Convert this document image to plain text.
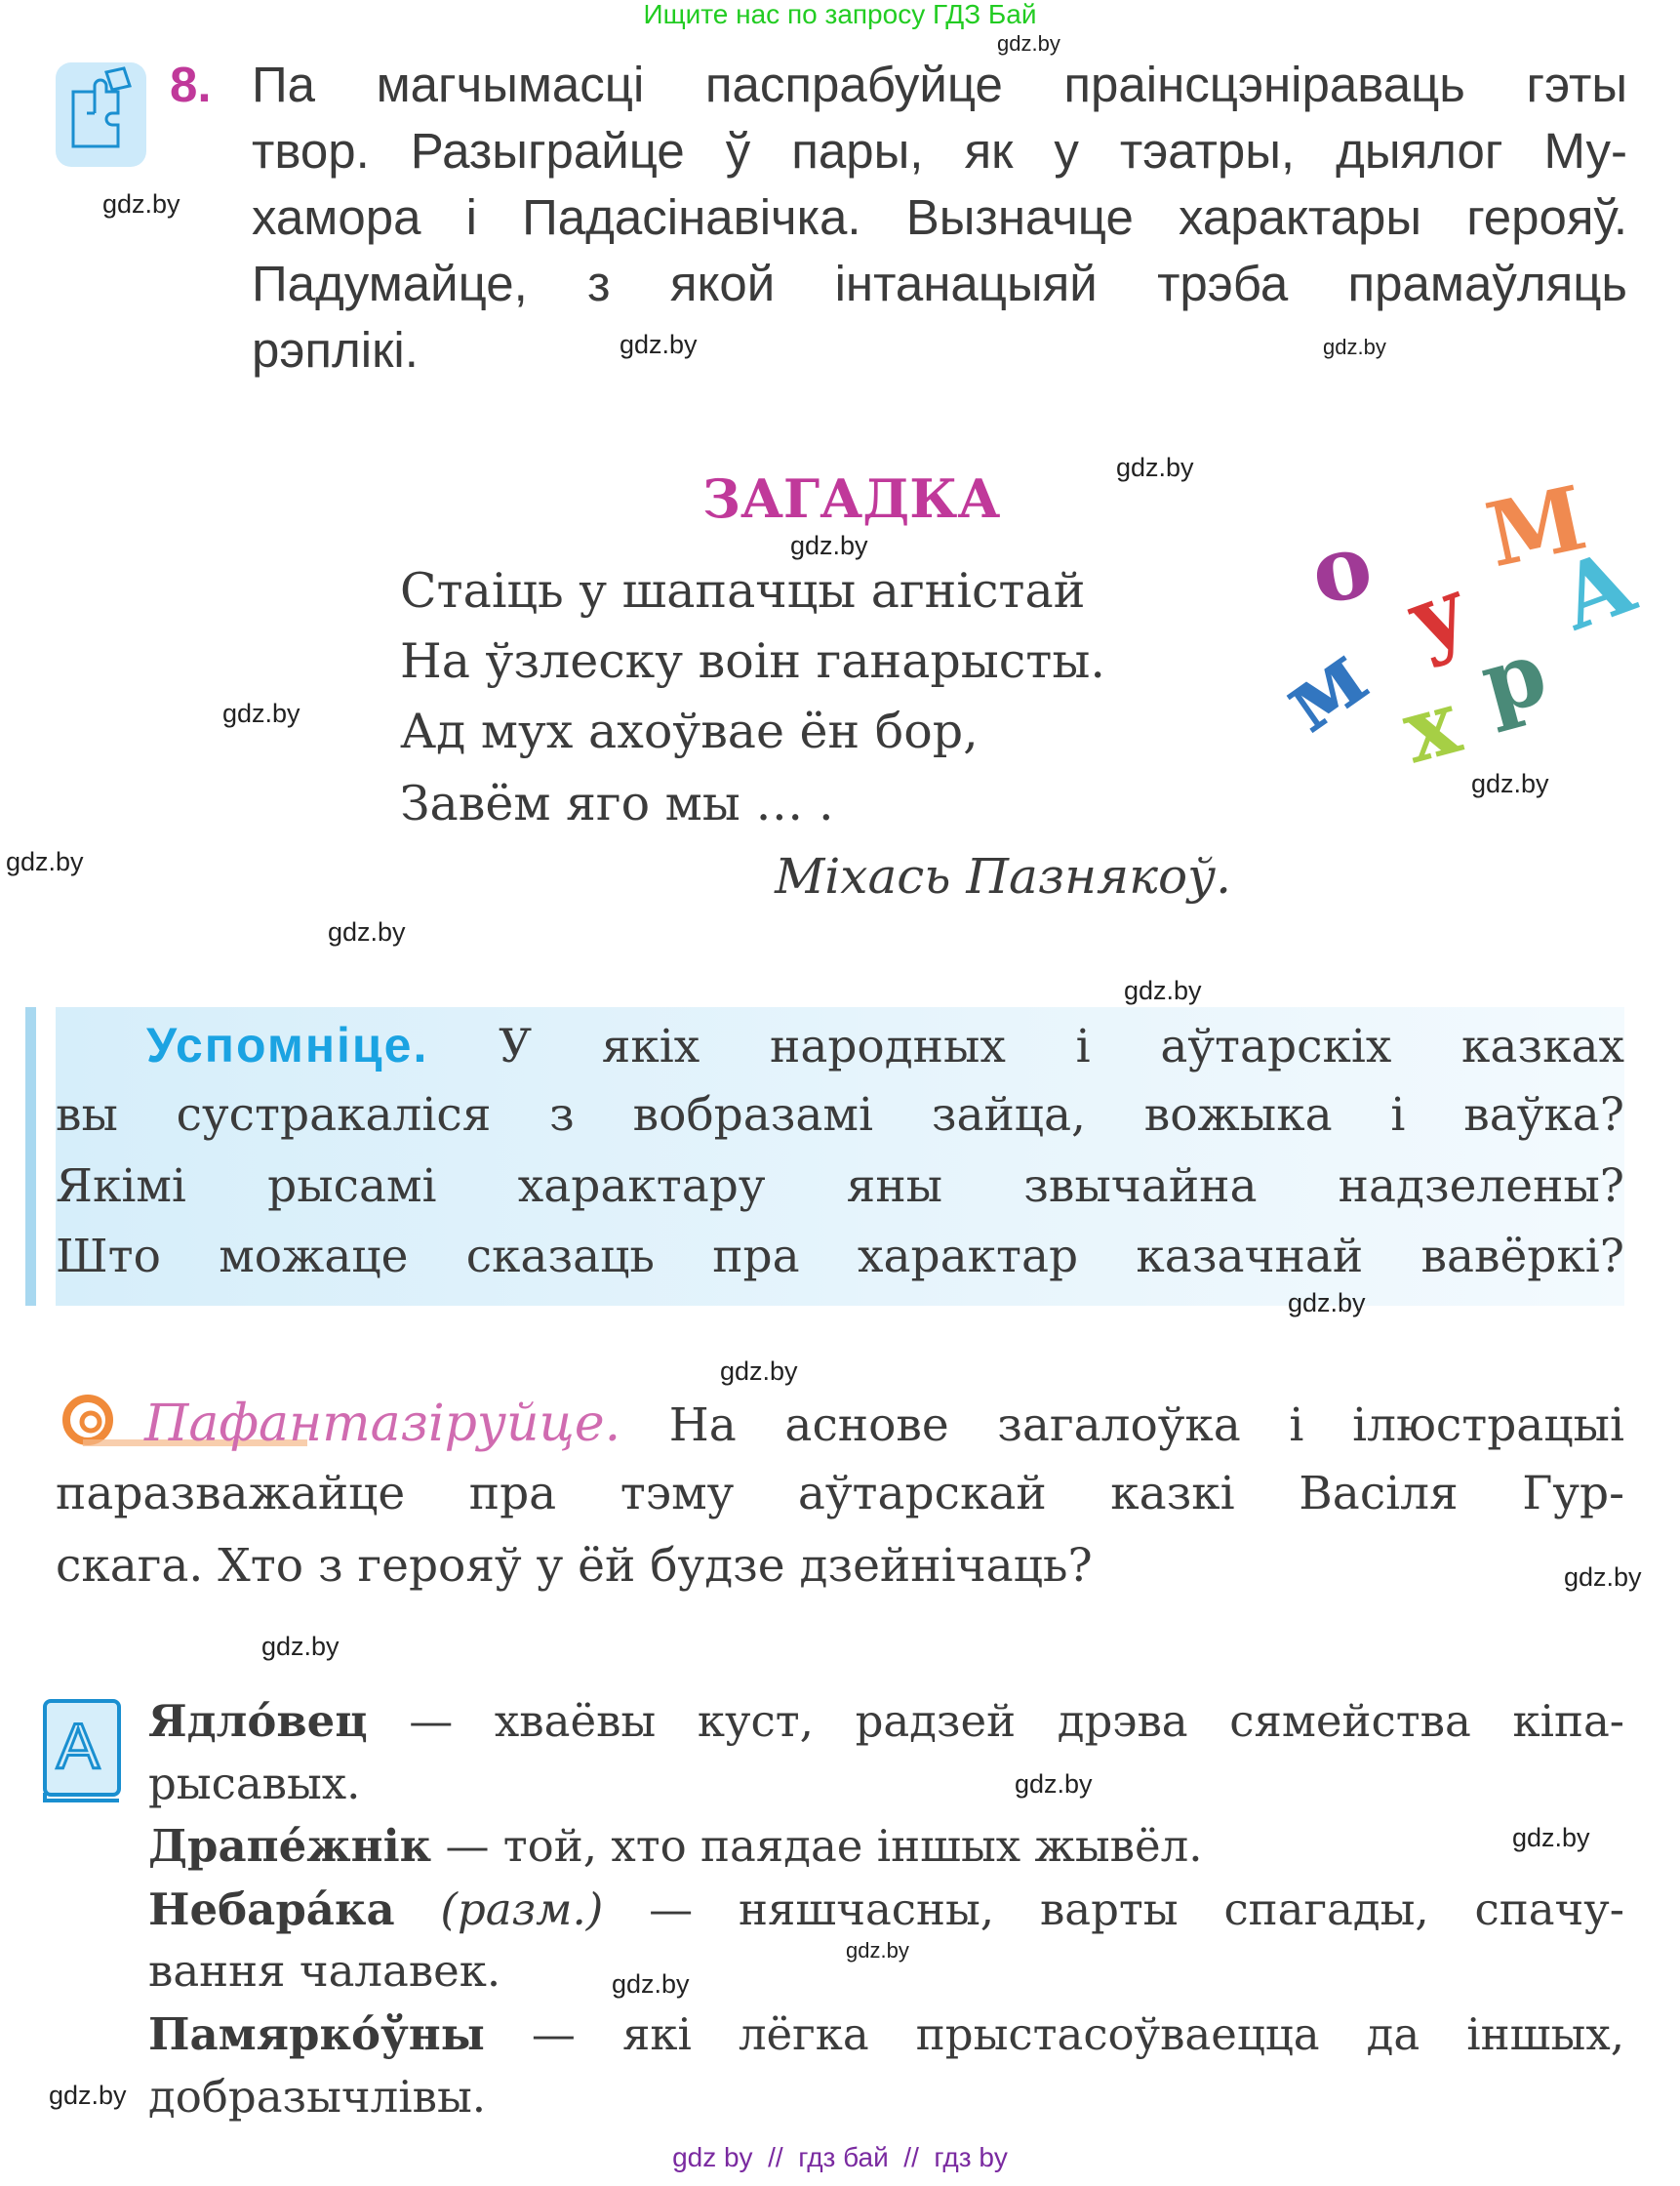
Ищите нас по запросу ГДЗ Бай
8. Па магчымасці паспрабуйце праінсцэніраваць гэты
твор. Разыграйце ў пары, як у тэатры, дыялог Му-
хамора і Падасінавічка. Вызначце характары герояў.
Падумайце, з якой інтанацыяй трэба прамаўляць
рэплікі.
ЗАГАДКА
Стаіць у шапачцы агністай
На ўзлеску воін ганарысты.
Ад мух ахоўвае ён бор,
Завём яго мы … .
Міхась Пазнякоў.
о М
у А
м х р
Успомніце. У якіх народных і аўтарскіх казках
вы сустракаліся з вобразамі зайца, вожыка і ваўка?
Якімі рысамі характару яны звычайна надзелены?
Што можаце сказаць пра характар казачнай вавёркі?
Пафантазіруйце. На аснове загалоўка і ілюстрацыі
паразважайце пра тэму аўтарскай казкі Васіля Гур-
скага. Хто з герояў у ёй будзе дзейнічаць?
А Ядло́вец — хваёвы куст, радзей дрэва сямейства кіпа-
рысавых.
Драпе́жнік — той, хто паядае іншых жывёл.
Небара́ка (разм.) — няшчасны, варты спагады, спачу-
вання чалавек.
Памярко́ўны — які лёгка прыстасоўваецца да іншых,
добразычлівы.
gdz.by
gdz.by
gdz.by
gdz.by
gdz.by
gdz.by
gdz.by
gdz.by
gdz.by
gdz.by
gdz.by
gdz.by
gdz.by
gdz.by
gdz.by
gdz.by
gdz.by
gdz.by
gdz.by
gdz.by
gdz by  //  гдз бай  //  гдз by
